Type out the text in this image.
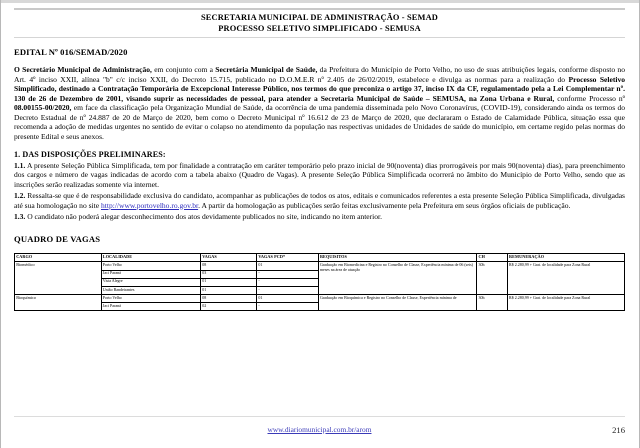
SECRETARIA MUNICIPAL DE ADMINISTRAÇÃO - SEMAD
PROCESSO SELETIVO SIMPLIFICADO - SEMUSA
EDITAL Nº 016/SEMAD/2020
O Secretário Municipal de Administração, em conjunto com a Secretária Municipal de Saúde, da Prefeitura do Município de Porto Velho, no uso de suas atribuições legais, conforme disposto no Art. 4º inciso XXII, alínea "b" c/c inciso XXII, do Decreto 15.715, publicado no D.O.M.E.R nº 2.405 de 26/02/2019, estabelece e divulga as normas para a realização do Processo Seletivo Simplificado, destinado a Contratação Temporária de Excepcional Interesse Público, nos termos do que preconiza o artigo 37, inciso IX da CF, regulamentado pela a Lei Complementar nº. 130 de 26 de Dezembro de 2001, visando suprir as necessidades de pessoal, para atender a Secretaria Municipal de Saúde – SEMUSA, na Zona Urbana e Rural, conforme Processo nº 08.00155-00/2020, em face da classificação pela Organização Mundial de Saúde, da ocorrência de uma pandemia disseminada pelo Novo Coronavírus, (COVID-19), considerando ainda os termos do Decreto Estadual de nº 24.887 de 20 de Março de 2020, bem como o Decreto Municipal nº 16.612 de 23 de Março de 2020, que declararam o Estado de Calamidade Pública, situação essa que recomenda a adoção de medidas urgentes no sentido de evitar o colapso no atendimento da população nas respectivas unidades de Unidades de saúde do município, em certame regido pelas normas do presente Edital e seus anexos.
1. DAS DISPOSIÇÕES PRELIMINARES:
1.1. A presente Seleção Pública Simplificada, tem por finalidade a contratação em caráter temporário pelo prazo inicial de 90(noventa) dias prorrogáveis por mais 90(noventa) dias), para preenchimento dos cargos e número de vagas indicadas de acordo com a tabela abaixo (Quadro de Vagas). A presente Seleção Pública Simplificada ocorrerá no âmbito do Município de Porto Velho, sendo que as inscrições serão realizadas somente via internet.
1.2. Ressalta-se que é de responsabilidade exclusiva do candidato, acompanhar as publicações de todos os atos, editais e comunicados referentes a esta presente Seleção Pública Simplificada, divulgadas até sua homologação no site http://www.portovelho.ro.gov.br. A partir da homologação as publicações serão feitas exclusivamente pela Prefeitura em seus órgãos oficiais de publicação.
1.3. O candidato não poderá alegar desconhecimento dos atos devidamente publicados no site, indicando no item anterior.
QUADRO DE VAGAS
CARGO	LOCALIDADE	VAGAS	VAGAS PCD*	REQUISITOS	CH	REMUNERAÇÃO
Biomédico	Porto Velho	08	01	Graduação em Biomedicina e Registro no Conselho de Classe, Experiência mínima de 06 (seis) meses na área de atuação	30h	R$ 2.280,99 + Grat. de localidade para Zona Rural
	Jaci Paraná	03	-			
	Vista Alegre	01	-			
	União Bandeirantes	01	-			
Bioquímico	Porto Velho	08	01	Graduação em Bioquímica e Registro no Conselho de Classe, Experiência mínima de	30h	R$ 2.280,99 + Grat. de localidade para Zona Rural
	Jaci Paraná	02	-			
www.diariomunicipal.com.br/arom	216
